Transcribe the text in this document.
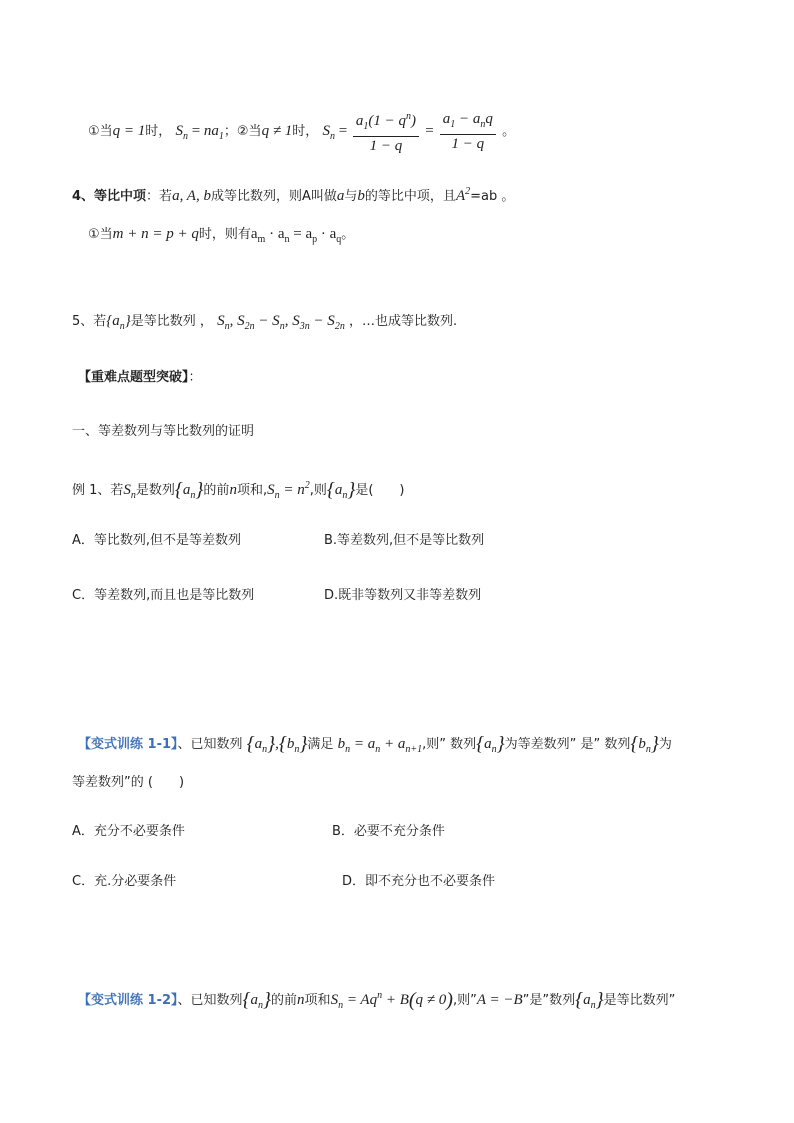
①当q = 1时， $S_n = na_1$；②当q ≠ 1时， $S_n = \frac{a_1(1 - q^n)}{1 - q} = \frac{a_1 - a_nq}{1 - q}$ 。
4、等比中项：若a, A, b成等比数列，则A叫做a与b的等比中项，且$A^2=ab$ 。
①当m + n = p + q时，则有$a_m \cdot a_n = a_p \cdot a_q$。
5、若$\{a_n\}$是等比数列 ， $S_n$, $S_{2n} - S_n$, $S_{3n} - S_{2n}$ ，…也成等比数列.
【重难点题型突破】：
一、等差数列与等比数列的证明
例 1、若$S_n$是数列$\{a_n\}$的前n项和$,S_n = n^2$,则$\{a_n\}$是(　　)
A．等比数列,但不是等差数列	B.等差数列,但不是等比数列
C．等差数列,而且也是等比数列	D.既非等数列又非等差数列
【变式训练 1-1】、已知数列 $\{a_n\},\{b_n\}$满足 $b_n = a_n + a_{n+1}$,则” 数列$\{a_n\}$为等差数列” 是” 数列$\{b_n\}$为
等差数列”的 (　　)
A．充分不必要条件	B．必要不充分条件
C．充.分必要条件	D．即不充分也不必要条件
【变式训练 1-2】、已知数列$\{a_n\}$的前n项和$S_n = Aq^n + B(q \ne 0)$,则”A = −B”是”数列$\{a_n\}$是等比数列”
